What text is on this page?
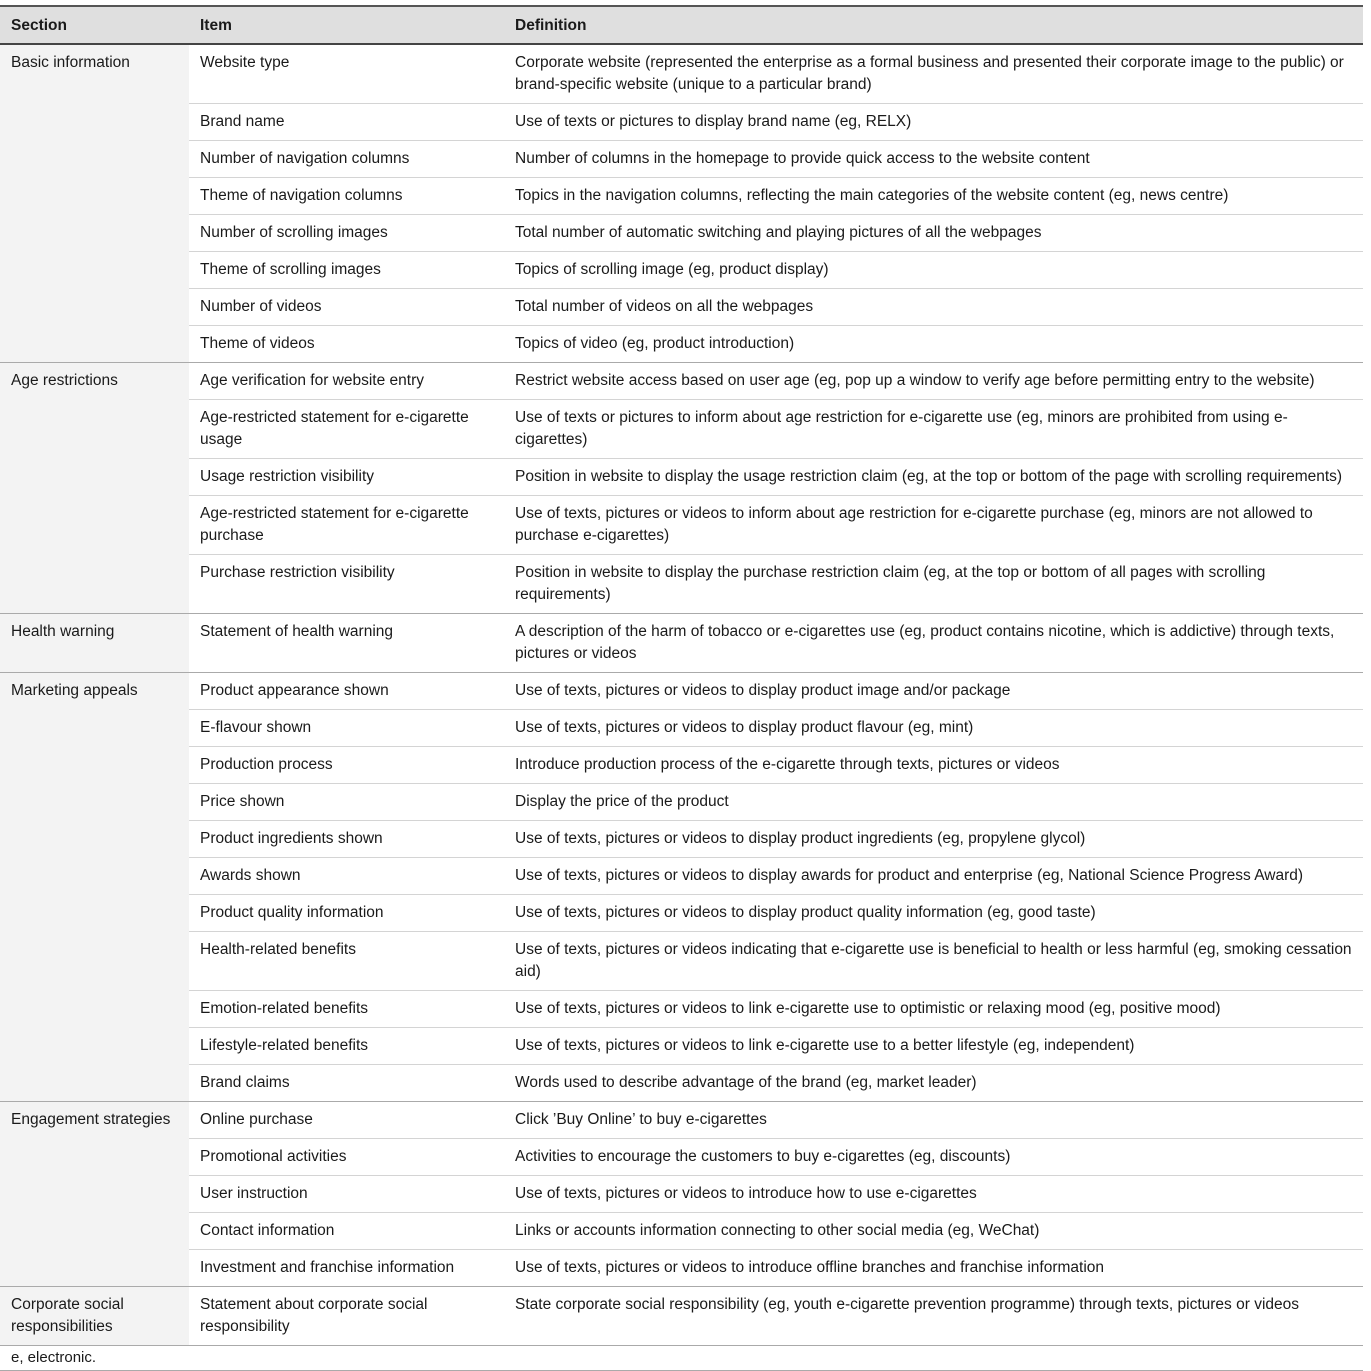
Section	Item	Definition
Basic information	Website type	Corporate website (represented the enterprise as a formal business and presented their corporate image to the public) or brand-specific website (unique to a particular brand)
	Brand name	Use of texts or pictures to display brand name (eg, RELX)
	Number of navigation columns	Number of columns in the homepage to provide quick access to the website content
	Theme of navigation columns	Topics in the navigation columns, reflecting the main categories of the website content (eg, news centre)
	Number of scrolling images	Total number of automatic switching and playing pictures of all the webpages
	Theme of scrolling images	Topics of scrolling image (eg, product display)
	Number of videos	Total number of videos on all the webpages
	Theme of videos	Topics of video (eg, product introduction)
Age restrictions	Age verification for website entry	Restrict website access based on user age (eg, pop up a window to verify age before permitting entry to the website)
	Age-restricted statement for e-cigarette usage	Use of texts or pictures to inform about age restriction for e-cigarette use (eg, minors are prohibited from using e-cigarettes)
	Usage restriction visibility	Position in website to display the usage restriction claim (eg, at the top or bottom of the page with scrolling requirements)
	Age-restricted statement for e-cigarette purchase	Use of texts, pictures or videos to inform about age restriction for e-cigarette purchase (eg, minors are not allowed to purchase e-cigarettes)
	Purchase restriction visibility	Position in website to display the purchase restriction claim (eg, at the top or bottom of all pages with scrolling requirements)
Health warning	Statement of health warning	A description of the harm of tobacco or e-cigarettes use (eg, product contains nicotine, which is addictive) through texts, pictures or videos
Marketing appeals	Product appearance shown	Use of texts, pictures or videos to display product image and/or package
	E-flavour shown	Use of texts, pictures or videos to display product flavour (eg, mint)
	Production process	Introduce production process of the e-cigarette through texts, pictures or videos
	Price shown	Display the price of the product
	Product ingredients shown	Use of texts, pictures or videos to display product ingredients (eg, propylene glycol)
	Awards shown	Use of texts, pictures or videos to display awards for product and enterprise (eg, National Science Progress Award)
	Product quality information	Use of texts, pictures or videos to display product quality information (eg, good taste)
	Health-related benefits	Use of texts, pictures or videos indicating that e-cigarette use is beneficial to health or less harmful (eg, smoking cessation aid)
	Emotion-related benefits	Use of texts, pictures or videos to link e-cigarette use to optimistic or relaxing mood (eg, positive mood)
	Lifestyle-related benefits	Use of texts, pictures or videos to link e-cigarette use to a better lifestyle (eg, independent)
	Brand claims	Words used to describe advantage of the brand (eg, market leader)
Engagement strategies	Online purchase	Click ’Buy Online’ to buy e-cigarettes
	Promotional activities	Activities to encourage the customers to buy e-cigarettes (eg, discounts)
	User instruction	Use of texts, pictures or videos to introduce how to use e-cigarettes
	Contact information	Links or accounts information connecting to other social media (eg, WeChat)
	Investment and franchise information	Use of texts, pictures or videos to introduce offline branches and franchise information
Corporate social responsibilities	Statement about corporate social responsibility	State corporate social responsibility (eg, youth e-cigarette prevention programme) through texts, pictures or videos
e, electronic.
